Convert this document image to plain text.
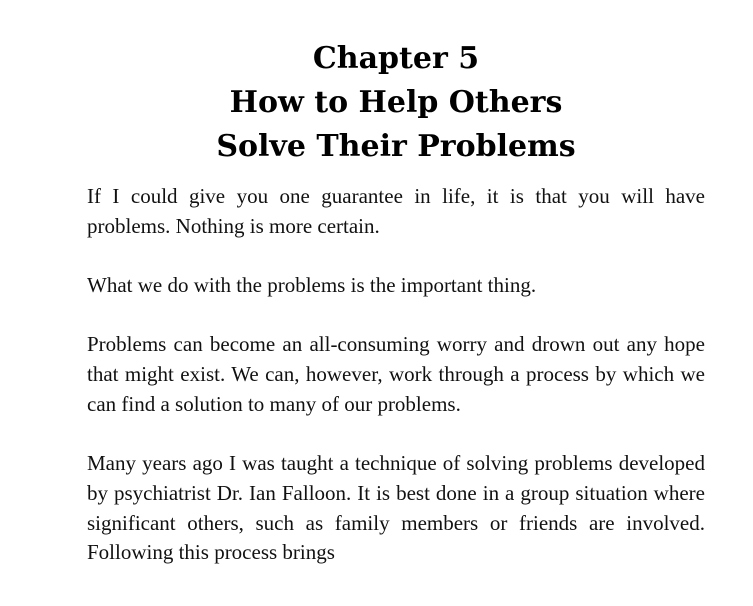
Chapter 5
How to Help Others
Solve Their Problems

If I could give you one guarantee in life, it is that you will have problems. Nothing is more certain.

What we do with the problems is the important thing.

Problems can become an all-consuming worry and drown out any hope that might exist. We can, however, work through a process by which we can find a solution to many of our problems.

Many years ago I was taught a technique of solving problems developed by psychiatrist Dr. Ian Falloon. It is best done in a group situation where significant others, such as family members or friends are involved. Following this process brings
